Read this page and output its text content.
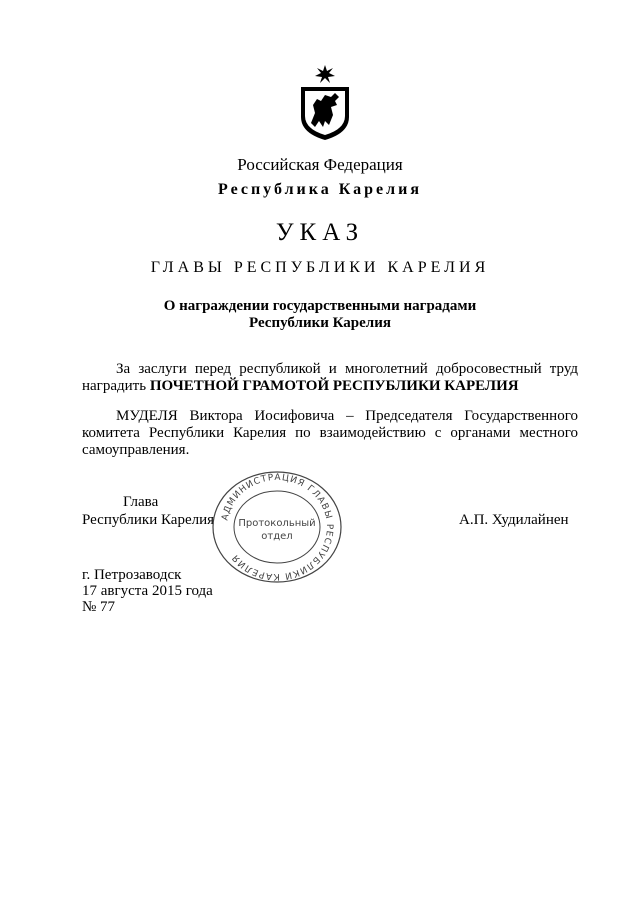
Российская Федерация
Республика Карелия
УКАЗ
ГЛАВЫ РЕСПУБЛИКИ КАРЕЛИЯ
О награждении государственными наградами
Республики Карелия
За заслуги перед республикой и многолетний добросовестный труд
наградить ПОЧЕТНОЙ ГРАМОТОЙ РЕСПУБЛИКИ КАРЕЛИЯ
МУДЕЛЯ Виктора Иосифовича – Председателя Государственного
комитета Республики Карелия по взаимодействию с органами местного
самоуправления.
Глава
Республики Карелия	А.П. Худилайнен
АДМИНИСТРАЦИЯ ГЛАВЫ РЕСПУБЛИКИ КАРЕЛИЯ
Протокольный
отдел
г. Петрозаводск
17 августа 2015 года
№ 77
